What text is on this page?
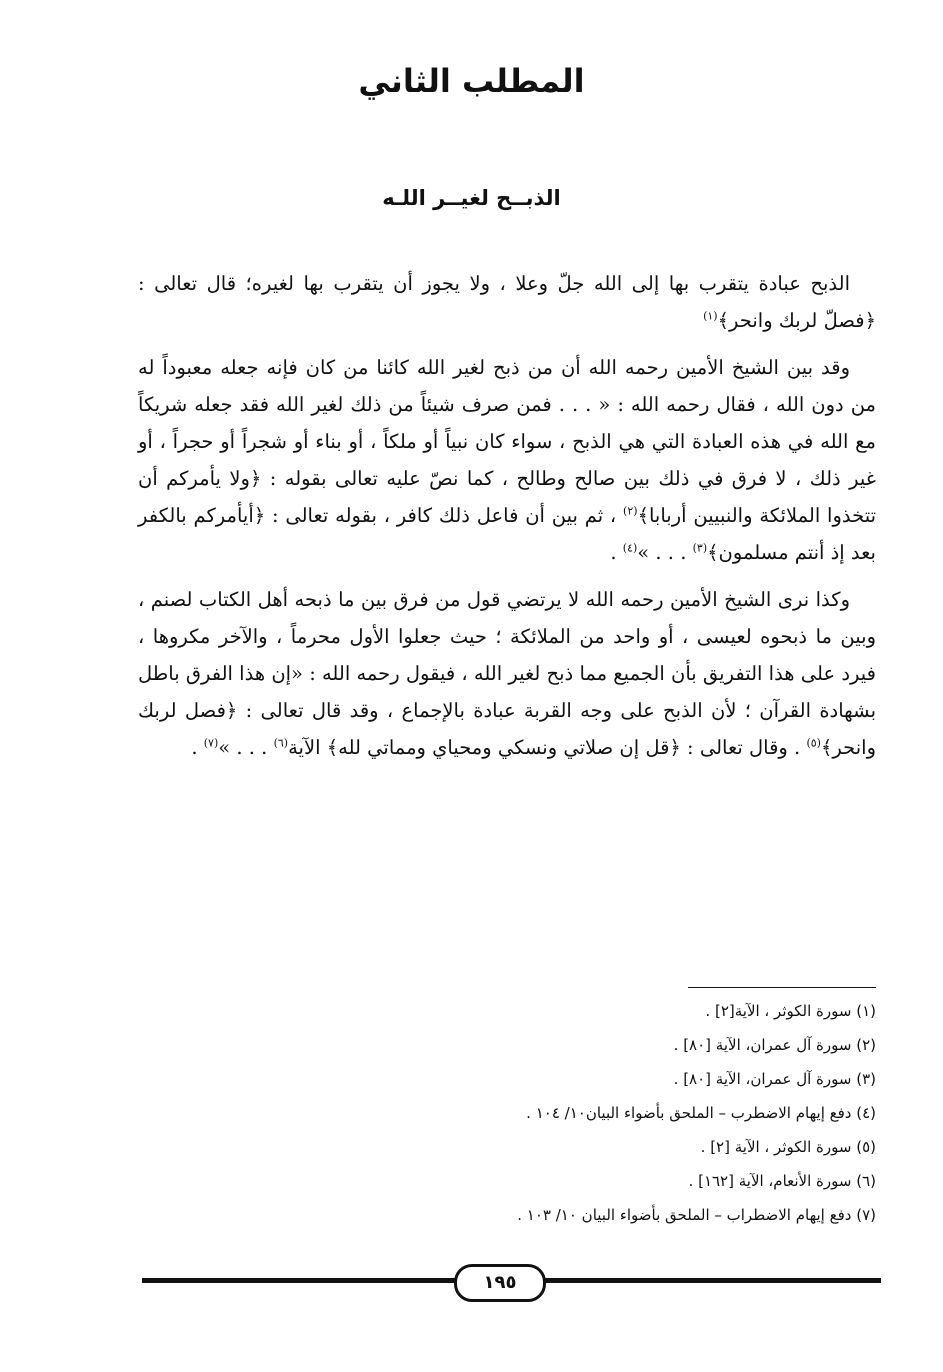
المطلب الثاني
الذبــح لغيــر اللـه

الذبح عبادة يتقرب بها إلى الله جلّ وعلا ، ولا يجوز أن يتقرب بها لغيره؛ قال تعالى : ﴿فصلّ لربك وانحر﴾$^{(١)}$

وقد بين الشيخ الأمين رحمه الله أن من ذبح لغير الله كائنا من كان فإنه جعله معبوداً له من دون الله ، فقال رحمه الله : « . . . فمن صرف شيئاً من ذلك لغير الله فقد جعله شريكاً مع الله في هذه العبادة التي هي الذبح ، سواء كان نبياً أو ملكاً ، أو بناء أو شجراً أو حجراً ، أو غير ذلك ، لا فرق في ذلك بين صالح وطالح ، كما نصّ عليه تعالى بقوله : ﴿ولا يأمركم أن تتخذوا الملائكة والنبيين أربابا﴾$^{(٢)}$ ، ثم بين أن فاعل ذلك كافر ، بقوله تعالى : ﴿أيأمركم بالكفر بعد إذ أنتم مسلمون﴾$^{(٣)}$ . . . »$^{(٤)}$ .

وكذا نرى الشيخ الأمين رحمه الله لا يرتضي قول من فرق بين ما ذبحه أهل الكتاب لصنم ، وبين ما ذبحوه لعيسى ، أو واحد من الملائكة ؛ حيث جعلوا الأول محرماً ، والآخر مكروها ، فيرد على هذا التفريق بأن الجميع مما ذبح لغير الله ، فيقول رحمه الله : «إن هذا الفرق باطل بشهادة القرآن ؛ لأن الذبح على وجه القربة عبادة بالإجماع ، وقد قال تعالى : ﴿فصل لربك وانحر﴾$^{(٥)}$ . وقال تعالى : ﴿قل إن صلاتي ونسكي ومحياي ومماتي لله﴾ الآية$^{(٦)}$ . . . »$^{(٧)}$ .

(١) سورة الكوثر ، الآية[٢] .
(٢) سورة آل عمران، الآية [٨٠] .
(٣) سورة آل عمران، الآية [٨٠] .
(٤) دفع إيهام الاضطرب – الملحق بأضواء البيان١٠/ ١٠٤ .
(٥) سورة الكوثر ، الآية [٢] .
(٦) سورة الأنعام، الآية [١٦٢] .
(٧) دفع إيهام الاضطراب – الملحق بأضواء البيان ١٠/ ١٠٣ .
١٩٥
